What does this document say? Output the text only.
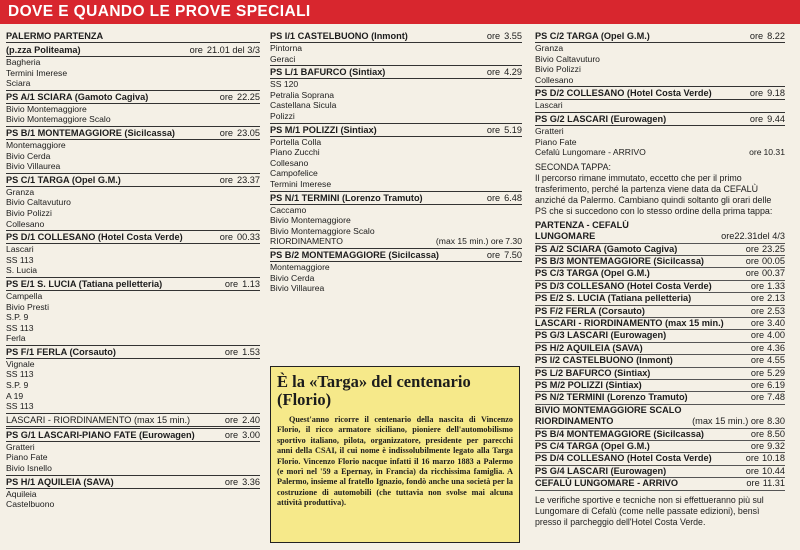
DOVE E QUANDO LE PROVE SPECIALI
PALERMO PARTENZA
(p.zza Politeama)	ore 21.01 del 3/3
Bagheria
Termini Imerese
Sciara
PS A/1 SCIARA (Gamoto Cagiva)	ore 22.25
Bivio Montemaggiore
Bivio Montemaggiore Scalo
PS B/1 MONTEMAGGIORE (Sicilcassa)	ore 23.05
Montemaggiore
Bivio Cerda
Bivio Villaurea
PS C/1 TARGA (Opel G.M.)	ore 23.37
Granza
Bivio Caltavuturo
Bivio Polizzi
Collesano
PS D/1 COLLESANO (Hotel Costa Verde)	ore 00.33
Lascari
SS 113
S. Lucia
PS E/1 S. LUCIA (Tatiana pelletteria)	ore 1.13
Campella
Bivio Presti
S.P. 9
SS 113
Ferla
PS F/1 FERLA (Corsauto)	ore 1.53
Vignale
SS 113
S.P. 9
A 19
SS 113
LASCARI - RIORDINAMENTO (max 15 min.)	ore 2.40
PS G/1 LASCARI-PIANO FATE (Eurowagen)	ore 3.00
Gratteri
Piano Fate
Bivio Isnello
PS H/1 AQUILEIA (SAVA)	ore 3.36
Aquileia
Castelbuono
PS I/1 CASTELBUONO (Inmont)	ore 3.55
Pintorna
Geraci
PS L/1 BAFURCO (Sintiax)	ore 4.29
SS 120
Petralia Soprana
Castellana Sicula
Polizzi
PS M/1 POLIZZI (Sintiax)	ore 5.19
Portella Colla
Piano Zucchi
Collesano
Campofelice
Termini Imerese
PS N/1 TERMINI (Lorenzo Tramuto)	ore 6.48
Caccamo
Bivio Montemaggiore
Bivio Montemaggiore Scalo
RIORDINAMENTO	(max 15 min.) ore 7.30
PS B/2 MONTEMAGGIORE (Sicilcassa)	ore 7.50
Montemaggiore
Bivio Cerda
Bivio Villaurea
È la «Targa» del centenario (Florio)
Quest'anno ricorre il centenario della nascita di Vincenzo Florio, il ricco armatore siciliano, pioniere dell'automobilismo sportivo italiano, pilota, organizzatore, presidente per parecchi anni della CSAI, il cui nome è indissolubilmente legato alla Targa Florio. Vincenzo Florio nacque infatti il 16 marzo 1883 a Palermo (e morì nel '59 a Epernay, in Francia) da ricchissima famiglia. A Palermo, insieme al fratello Ignazio, fondò anche una società per la costruzione di automobili (che tuttavia non svolse mai alcuna attività produttiva).
PS C/2 TARGA (Opel G.M.)	ore 8.22
Granza
Bivio Caltavuturo
Bivio Polizzi
Collesano
PS D/2 COLLESANO (Hotel Costa Verde)	ore 9.18
Lascari
PS G/2 LASCARI (Eurowagen)	ore 9.44
Gratteri
Piano Fate
Cefalù Lungomare - ARRIVO	ore 10.31
SECONDA TAPPA:
Il percorso rimane immutato, eccetto che per il primo trasferimento, perché la partenza viene data da CEFALÙ anziché da Palermo. Cambiano quindi soltanto gli orari delle PS che si succedono con lo stesso ordine della prima tappa:
PARTENZA - CEFALÙ
LUNGOMARE	ore 22.31del 4/3
PS A/2 SCIARA (Gamoto Cagiva)	ore 23.25
PS B/3 MONTEMAGGIORE (Sicilcassa)	ore 00.05
PS C/3 TARGA (Opel G.M.)	ore 00.37
PS D/3 COLLESANO (Hotel Costa Verde)	ore 1.33
PS E/2 S. LUCIA (Tatiana pelletteria)	ore 2.13
PS F/2 FERLA (Corsauto)	ore 2.53
LASCARI - RIORDINAMENTO (max 15 min.)	ore 3.40
PS G/3 LASCARI (Eurowagen)	ore 4.00
PS H/2 AQUILEIA (SAVA)	ore 4.36
PS I/2 CASTELBUONO (Inmont)	ore 4.55
PS L/2 BAFURCO (Sintiax)	ore 5.29
PS M/2 POLIZZI (Sintiax)	ore 6.19
PS N/2 TERMINI (Lorenzo Tramuto)	ore 7.48
BIVIO MONTEMAGGIORE SCALO
RIORDINAMENTO	(max 15 min.) ore 8.30
PS B/4 MONTEMAGGIORE (Sicilcassa)	ore 8.50
PS C/4 TARGA (Opel G.M.)	ore 9.32
PS D/4 COLLESANO (Hotel Costa Verde)	ore 10.18
PS G/4 LASCARI (Eurowagen)	ore 10.44
CEFALÙ LUNGOMARE - ARRIVO	ore 11.31
Le verifiche sportive e tecniche non si effettueranno più sul Lungomare di Cefalù (come nelle passate edizioni), bensì presso il parcheggio dell'Hotel Costa Verde.
